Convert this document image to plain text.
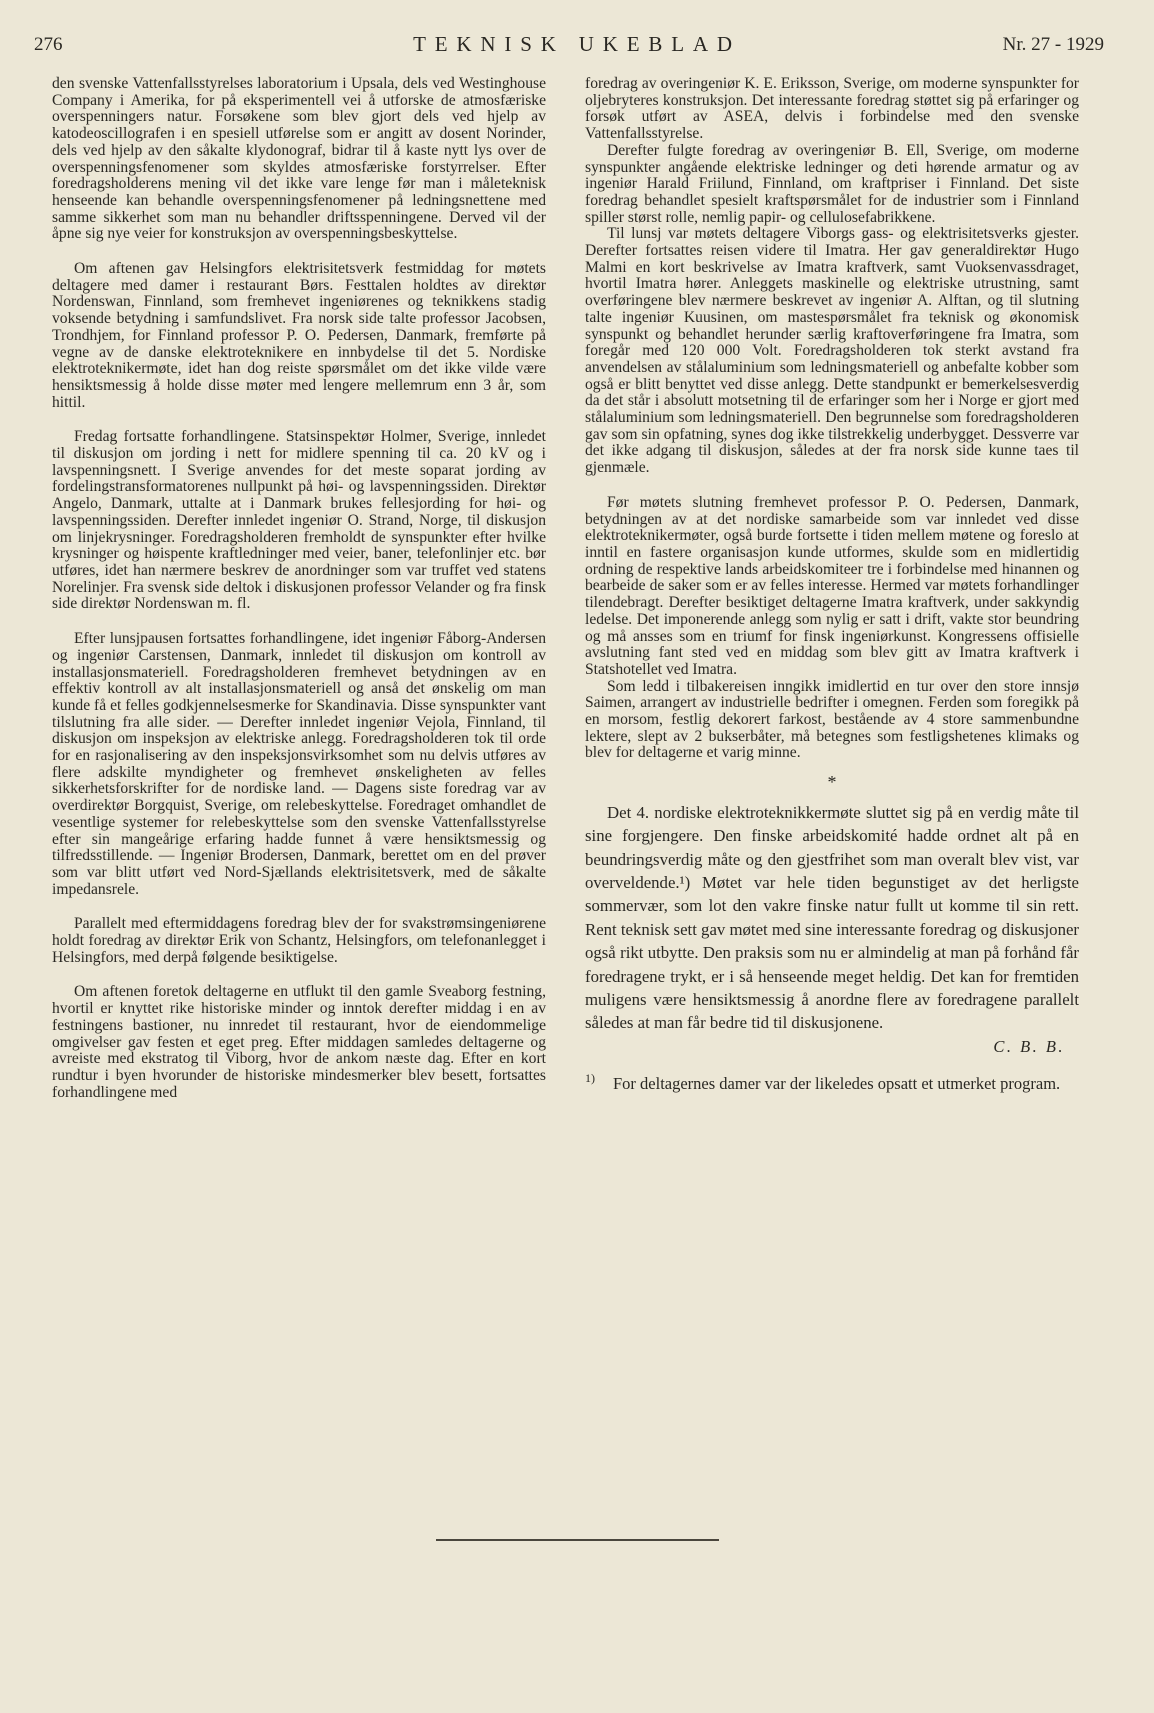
276	TEKNISK UKEBLAD	Nr. 27 - 1929

den svenske Vattenfallsstyrelses laboratorium i Upsala, dels ved Westinghouse Company i Amerika, for på eksperimentell vei å utforske de atmosfæriske overspenningers natur. Forsøkene som blev gjort dels ved hjelp av katodeoscillografen i en spesiell utførelse som er angitt av dosent Norinder, dels ved hjelp av den såkalte klydonograf, bidrar til å kaste nytt lys over de overspenningsfenomener som skyldes atmosfæriske forstyrrelser. Efter foredragsholderens mening vil det ikke vare lenge før man i måleteknisk henseende kan behandle overspenningsfenomener på ledningsnettene med samme sikkerhet som man nu behandler driftsspenningene. Derved vil der åpne sig nye veier for konstruksjon av overspenningsbeskyttelse.

Om aftenen gav Helsingfors elektrisitetsverk festmiddag for møtets deltagere med damer i restaurant Børs. Festtalen holdtes av direktør Nordenswan, Finnland, som fremhevet ingeniørenes og teknikkens stadig voksende betydning i samfundslivet. Fra norsk side talte professor Jacobsen, Trondhjem, for Finnland professor P. O. Pedersen, Danmark, fremførte på vegne av de danske elektroteknikere en innbydelse til det 5. Nordiske elektroteknikermøte, idet han dog reiste spørsmålet om det ikke vilde være hensiktsmessig å holde disse møter med lengere mellemrum enn 3 år, som hittil.

Fredag fortsatte forhandlingene. Statsinspektør Holmer, Sverige, innledet til diskusjon om jording i nett for midlere spenning til ca. 20 kV og i lavspenningsnett. I Sverige anvendes for det meste soparat jording av fordelingstransformatorenes nullpunkt på høi- og lavspenningssiden. Direktør Angelo, Danmark, uttalte at i Danmark brukes fellesjording for høi- og lavspenningssiden. Derefter innledet ingeniør O. Strand, Norge, til diskusjon om linjekrysninger. Foredragsholderen fremholdt de synspunkter efter hvilke krysninger og høispente kraftledninger med veier, baner, telefonlinjer etc. bør utføres, idet han nærmere beskrev de anordninger som var truffet ved statens Norelinjer. Fra svensk side deltok i diskusjonen professor Velander og fra finsk side direktør Nordenswan m. fl.

Efter lunsjpausen fortsattes forhandlingene, idet ingeniør Fåborg-Andersen og ingeniør Carstensen, Danmark, innledet til diskusjon om kontroll av installasjonsmateriell. Foredragsholderen fremhevet betydningen av en effektiv kontroll av alt installasjonsmateriell og anså det ønskelig om man kunde få et felles godkjennelsesmerke for Skandinavia. Disse synspunkter vant tilslutning fra alle sider. — Derefter innledet ingeniør Vejola, Finnland, til diskusjon om inspeksjon av elektriske anlegg. Foredragsholderen tok til orde for en rasjonalisering av den inspeksjonsvirksomhet som nu delvis utføres av flere adskilte myndigheter og fremhevet ønskeligheten av felles sikkerhetsforskrifter for de nordiske land. — Dagens siste foredrag var av overdirektør Borgquist, Sverige, om relebeskyttelse. Foredraget omhandlet de vesentlige systemer for relebeskyttelse som den svenske Vattenfallsstyrelse efter sin mangeårige erfaring hadde funnet å være hensiktsmessig og tilfredsstillende. — Ingeniør Brodersen, Danmark, berettet om en del prøver som var blitt utført ved Nord-Sjællands elektrisitetsverk, med de såkalte impedansrele.

Parallelt med eftermiddagens foredrag blev der for svakstrømsingeniørene holdt foredrag av direktør Erik von Schantz, Helsingfors, om telefonanlegget i Helsingfors, med derpå følgende besiktigelse.

Om aftenen foretok deltagerne en utflukt til den gamle Sveaborg festning, hvortil er knyttet rike historiske minder og inntok derefter middag i en av festningens bastioner, nu innredet til restaurant, hvor de eiendommelige omgivelser gav festen et eget preg. Efter middagen samledes deltagerne og avreiste med ekstratog til Viborg, hvor de ankom næste dag. Efter en kort rundtur i byen hvorunder de historiske mindesmerker blev besett, fortsattes forhandlingene med

foredrag av overingeniør K. E. Eriksson, Sverige, om moderne synspunkter for oljebryteres konstruksjon. Det interessante foredrag støttet sig på erfaringer og forsøk utført av ASEA, delvis i forbindelse med den svenske Vattenfallsstyrelse.

Derefter fulgte foredrag av overingeniør B. Ell, Sverige, om moderne synspunkter angående elektriske ledninger og deti hørende armatur og av ingeniør Harald Friilund, Finnland, om kraftpriser i Finnland. Det siste foredrag behandlet spesielt kraftspørsmålet for de industrier som i Finnland spiller størst rolle, nemlig papir- og cellulosefabrikkene.

Til lunsj var møtets deltagere Viborgs gass- og elektrisitetsverks gjester. Derefter fortsattes reisen videre til Imatra. Her gav generaldirektør Hugo Malmi en kort beskrivelse av Imatra kraftverk, samt Vuoksenvassdraget, hvortil Imatra hører. Anleggets maskinelle og elektriske utrustning, samt overføringene blev nærmere beskrevet av ingeniør A. Alftan, og til slutning talte ingeniør Kuusinen, om mastespørsmålet fra teknisk og økonomisk synspunkt og behandlet herunder særlig kraftoverføringene fra Imatra, som foregår med 120 000 Volt. Foredragsholderen tok sterkt avstand fra anvendelsen av stålaluminium som ledningsmateriell og anbefalte kobber som også er blitt benyttet ved disse anlegg. Dette standpunkt er bemerkelsesverdig da det står i absolutt motsetning til de erfaringer som her i Norge er gjort med stålaluminium som ledningsmateriell. Den begrunnelse som foredragsholderen gav som sin opfatning, synes dog ikke tilstrekkelig underbygget. Dessverre var det ikke adgang til diskusjon, således at der fra norsk side kunne taes til gjenmæle.

Før møtets slutning fremhevet professor P. O. Pedersen, Danmark, betydningen av at det nordiske samarbeide som var innledet ved disse elektroteknikermøter, også burde fortsette i tiden mellem møtene og foreslo at inntil en fastere organisasjon kunde utformes, skulde som en midlertidig ordning de respektive lands arbeidskomiteer tre i forbindelse med hinannen og bearbeide de saker som er av felles interesse. Hermed var møtets forhandlinger tilendebragt. Derefter besiktiget deltagerne Imatra kraftverk, under sakkyndig ledelse. Det imponerende anlegg som nylig er satt i drift, vakte stor beundring og må ansses som en triumf for finsk ingeniørkunst. Kongressens offisielle avslutning fant sted ved en middag som blev gitt av Imatra kraftverk i Statshotellet ved Imatra.

Som ledd i tilbakereisen inngikk imidlertid en tur over den store innsjø Saimen, arrangert av industrielle bedrifter i omegnen. Ferden som foregikk på en morsom, festlig dekorert farkost, bestående av 4 store sammenbundne lektere, slept av 2 bukserbåter, må betegnes som festligshetenes klimaks og blev for deltagerne et varig minne.

*

Det 4. nordiske elektroteknikkermøte sluttet sig på en verdig måte til sine forgjengere. Den finske arbeidskomité hadde ordnet alt på en beundringsverdig måte og den gjestfrihet som man overalt blev vist, var overveldende.¹) Møtet var hele tiden begunstiget av det herligste sommervær, som lot den vakre finske natur fullt ut komme til sin rett. Rent teknisk sett gav møtet med sine interessante foredrag og diskusjoner også rikt utbytte. Den praksis som nu er almindelig at man på forhånd får foredragene trykt, er i så henseende meget heldig. Det kan for fremtiden muligens være hensiktsmessig å anordne flere av foredragene parallelt således at man får bedre tid til diskusjonene.

C. B. B.
1) For deltagernes damer var der likeledes opsatt et utmerket program.
